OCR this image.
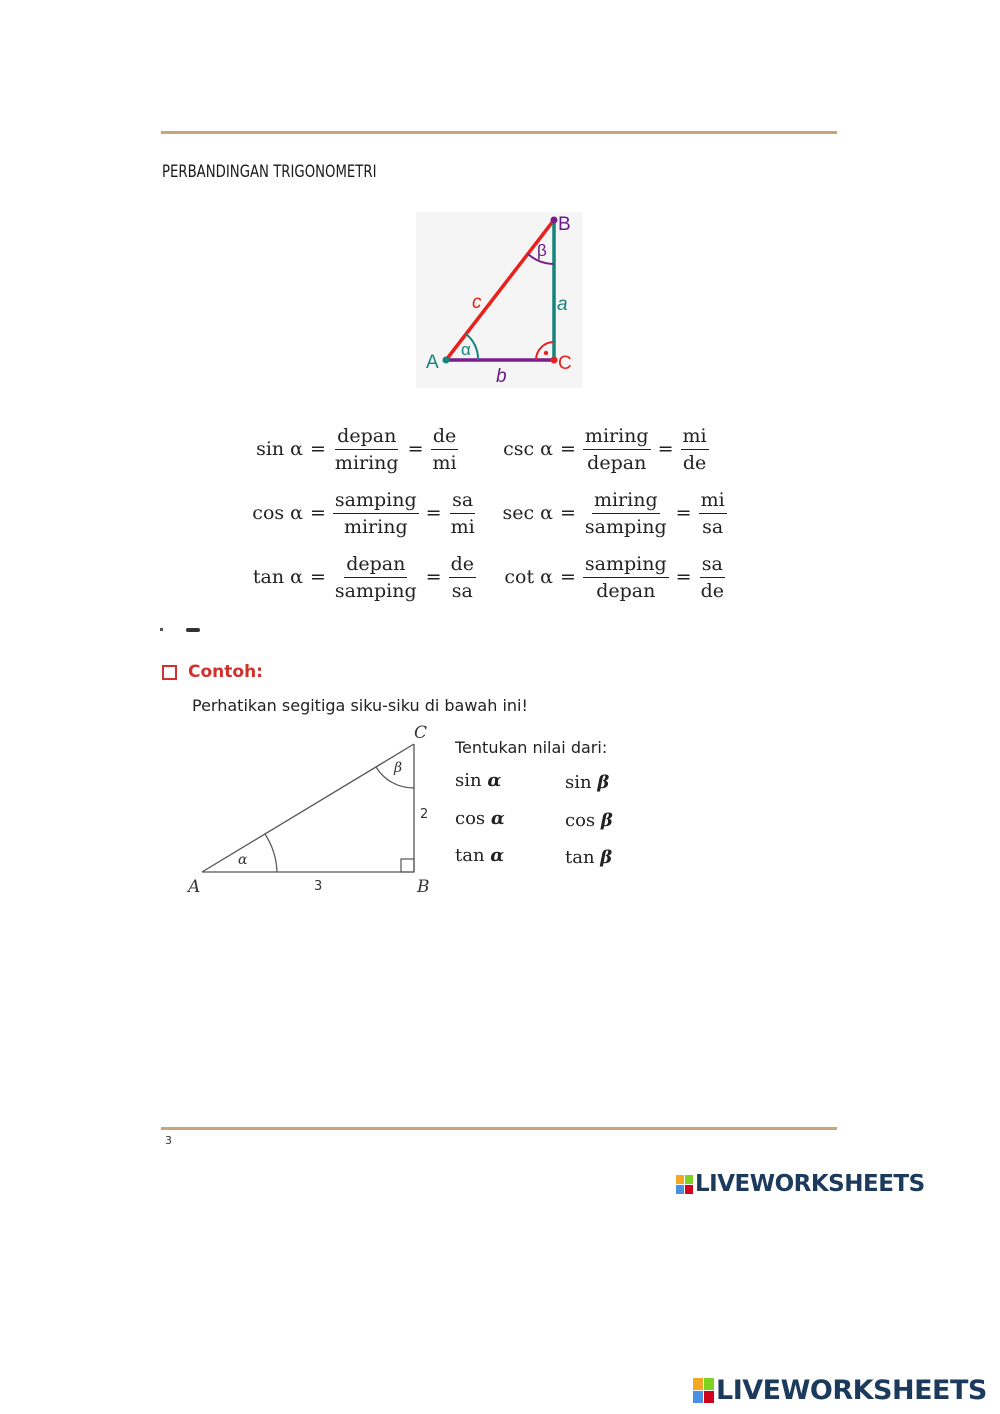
PERBANDINGAN TRIGONOMETRI
A
B
C
a
b
c
α
β
$\sin \alpha = \frac{\text{depan}}{\text{miring}} = \frac{de}{mi}$	$\csc \alpha = \frac{\text{miring}}{\text{depan}} = \frac{mi}{de}$
$\cos \alpha = \frac{\text{samping}}{\text{miring}} = \frac{sa}{mi}$	$\sec \alpha = \frac{\text{miring}}{\text{samping}} = \frac{mi}{sa}$
$\tan \alpha = \frac{\text{depan}}{\text{samping}} = \frac{de}{sa}$	$\cot \alpha = \frac{\text{samping}}{\text{depan}} = \frac{sa}{de}$
Contoh:
Perhatikan segitiga siku-siku di bawah ini!
A	B
C
3
2
α
β
Tentukan nilai dari:
sin α	sin β
cos α	cos β
tan α	tan β
3
LIVEWORKSHEETS
LIVEWORKSHEETS
